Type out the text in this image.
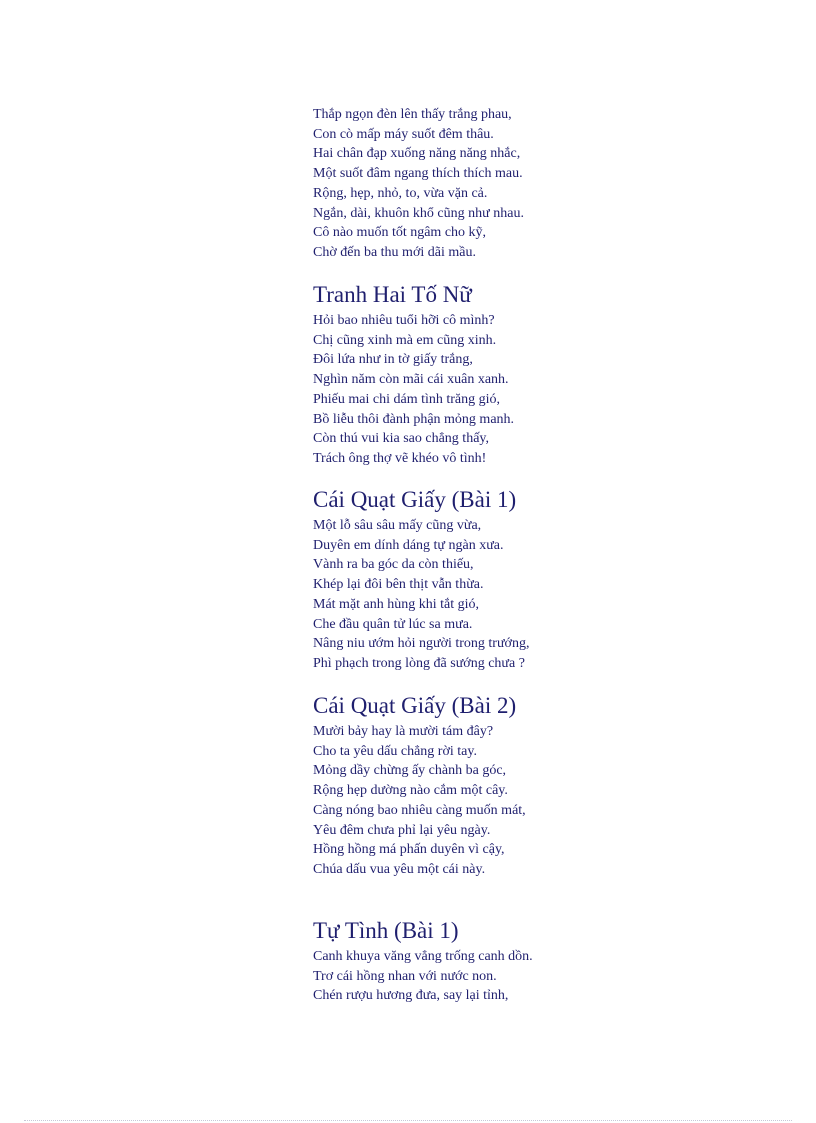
Thắp ngọn đèn lên thấy trắng phau,
Con cò mấp máy suốt đêm thâu.
Hai chân đạp xuống năng năng nhắc,
Một suốt đâm ngang thích thích mau.
Rộng, hẹp, nhỏ, to, vừa vặn cả.
Ngắn, dài, khuôn khổ cũng như nhau.
Cô nào muốn tốt ngâm cho kỹ,
Chờ đến ba thu mới dãi mầu.
Tranh Hai Tố Nữ
Hỏi bao nhiêu tuổi hỡi cô mình?
Chị cũng xinh mà em cũng xinh.
Đôi lứa như in tờ giấy trắng,
Nghìn năm còn mãi cái xuân xanh.
Phiếu mai chi dám tình trăng gió,
Bồ liễu thôi đành phận mỏng manh.
Còn thú vui kia sao chẳng thấy,
Trách ông thợ vẽ khéo vô tình!
Cái Quạt Giấy (Bài 1)
Một lỗ sâu sâu mấy cũng vừa,
Duyên em dính dáng tự ngàn xưa.
Vành ra ba góc da còn thiếu,
Khép lại đôi bên thịt vẫn thừa.
Mát mặt anh hùng khi tắt gió,
Che đầu quân tử lúc sa mưa.
Nâng niu ướm hỏi người trong trướng,
Phì phạch trong lòng đã sướng chưa ?
Cái Quạt Giấy (Bài 2)
Mười bảy hay là mười tám đây?
Cho ta yêu dấu chẳng rời tay.
Mỏng dầy chừng ấy chành ba góc,
Rộng hẹp dường nào cắm một cây.
Càng nóng bao nhiêu càng muốn mát,
Yêu đêm chưa phỉ lại yêu ngày.
Hồng hồng má phấn duyên vì cậy,
Chúa dấu vua yêu một cái này.
Tự Tình (Bài 1)
Canh khuya văng vẳng trống canh dồn.
Trơ cái hồng nhan với nước non.
Chén rượu hương đưa, say lại tỉnh,
